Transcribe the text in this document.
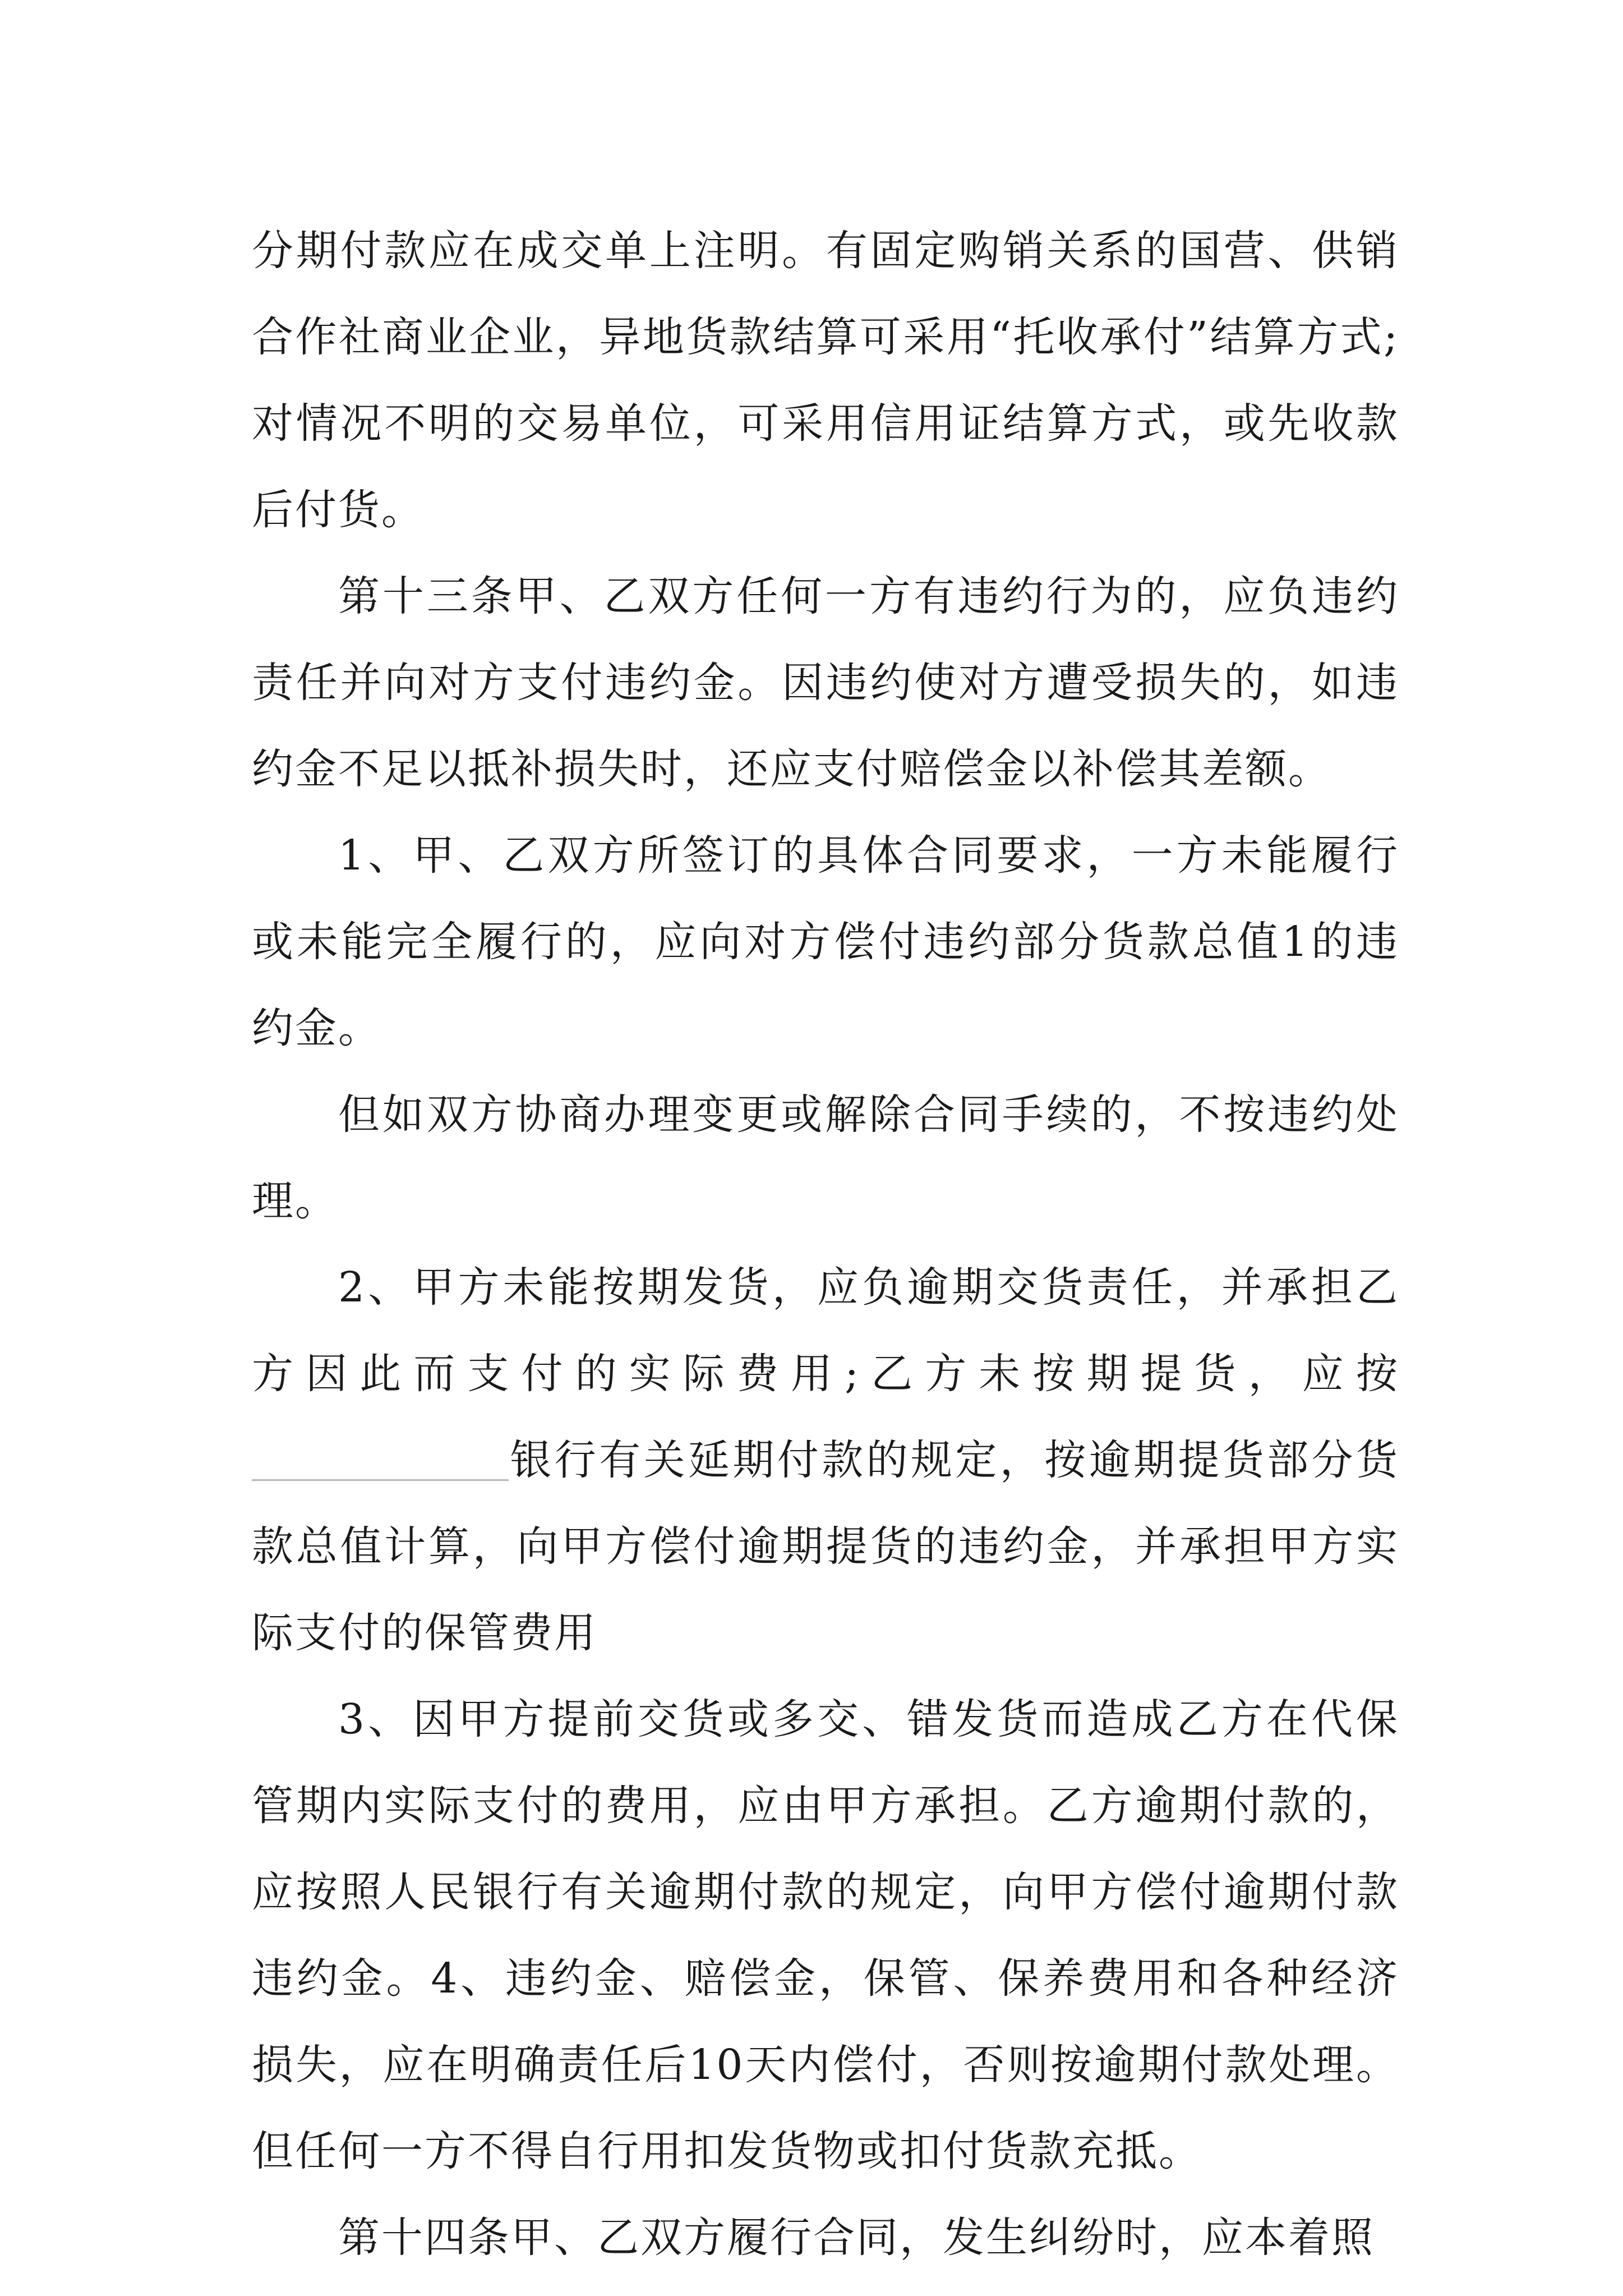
分期付款应在成交单上注明。有固定购销关系的国营、供销合作社商业企业，异地货款结算可采用“托收承付”结算方式;对情况不明的交易单位，可采用信用证结算方式，或先收款后付货。

第十三条甲、乙双方任何一方有违约行为的，应负违约责任并向对方支付违约金。因违约使对方遭受损失的，如违约金不足以抵补损失时，还应支付赔偿金以补偿其差额。

1、甲、乙双方所签订的具体合同要求，一方未能履行或未能完全履行的，应向对方偿付违约部分货款总值1的违约金。

但如双方协商办理变更或解除合同手续的，不按违约处理。

2、甲方未能按期发货，应负逾期交货责任，并承担乙方因此而支付的实际费用;乙方未按期提货，应按银行有关延期付款的规定，按逾期提货部分货款总值计算，向甲方偿付逾期提货的违约金，并承担甲方实际支付的保管费用

3、因甲方提前交货或多交、错发货而造成乙方在代保管期内实际支付的费用，应由甲方承担。乙方逾期付款的，应按照人民银行有关逾期付款的规定，向甲方偿付逾期付款违约金。4、违约金、赔偿金，保管、保养费用和各种经济损失，应在明确责任后10天内偿付，否则按逾期付款处理。但任何一方不得自行用扣发货物或扣付货款充抵。

第十四条甲、乙双方履行合同，发生纠纷时，应本着照
